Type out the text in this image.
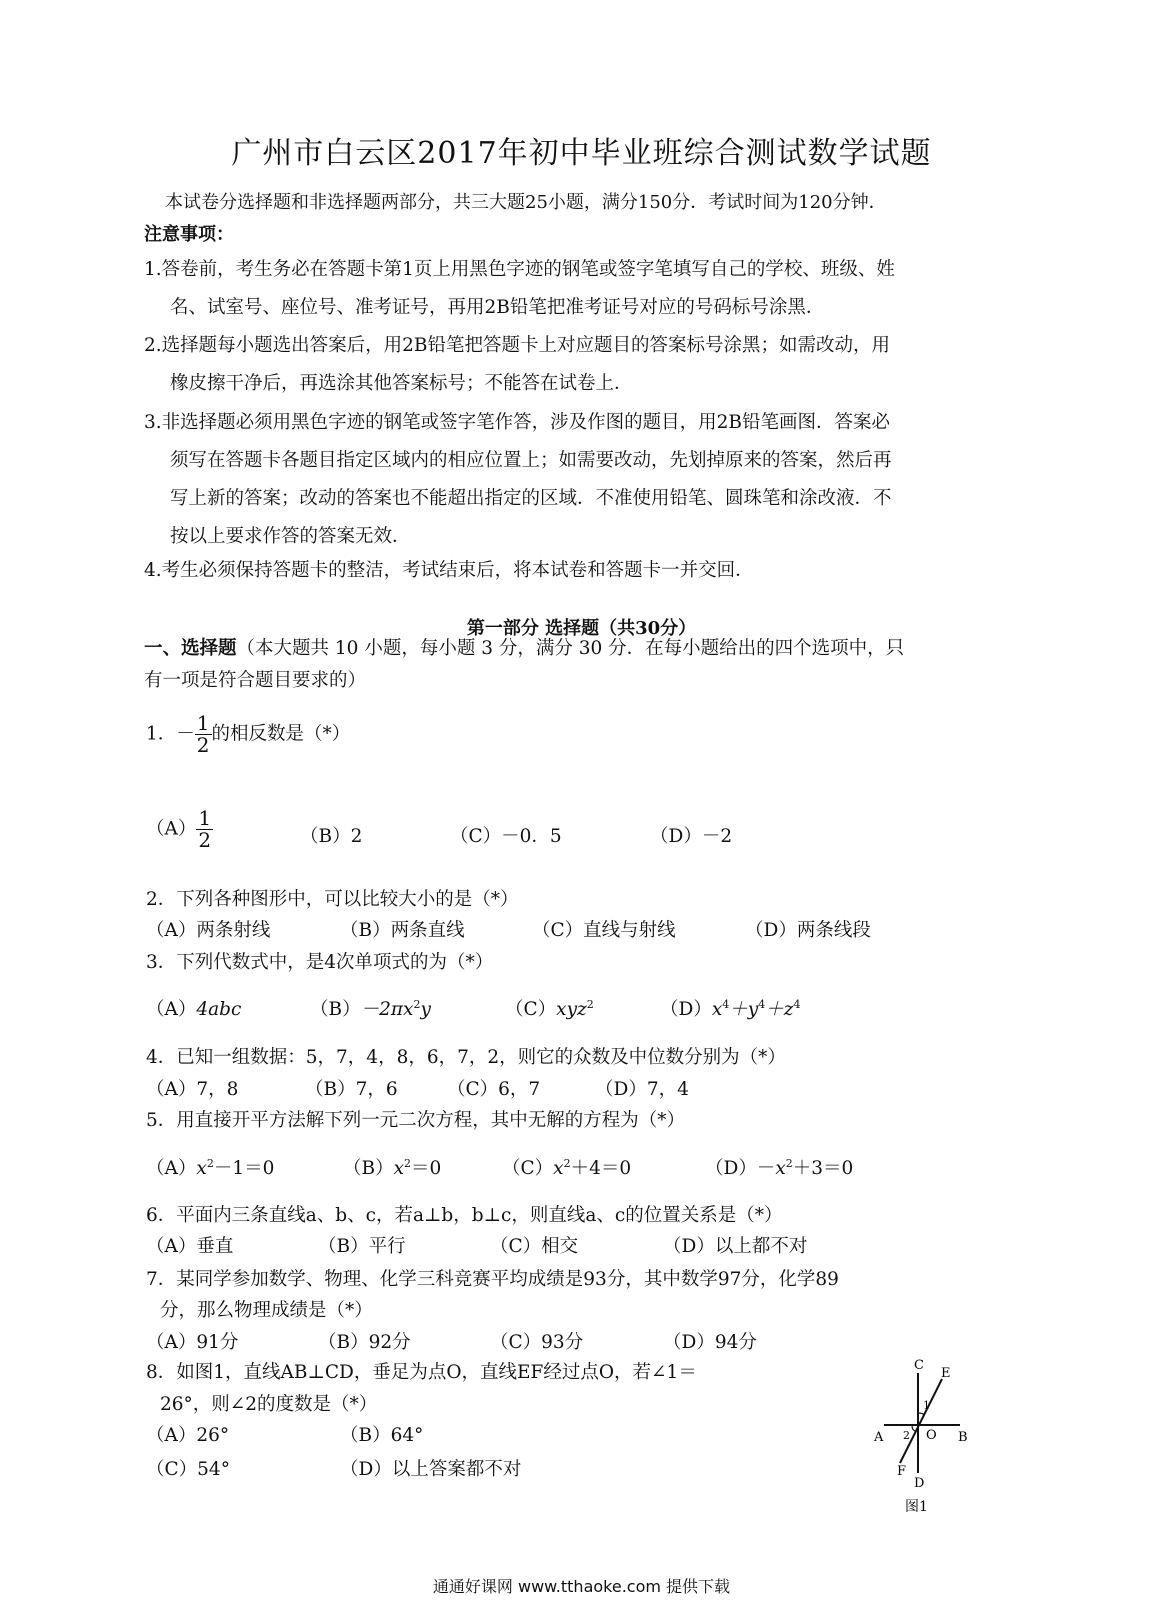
广州市白云区2017年初中毕业班综合测试数学试题
本试卷分选择题和非选择题两部分，共三大题25小题，满分150分．考试时间为120分钟．
注意事项：
1.答卷前，考生务必在答题卡第1页上用黑色字迹的钢笔或签字笔填写自己的学校、班级、姓
名、试室号、座位号、准考证号，再用2B铅笔把准考证号对应的号码标号涂黑．
2.选择题每小题选出答案后，用2B铅笔把答题卡上对应题目的答案标号涂黑；如需改动，用
橡皮擦干净后，再选涂其他答案标号；不能答在试卷上．
3.非选择题必须用黑色字迹的钢笔或签字笔作答，涉及作图的题目，用2B铅笔画图．答案必
须写在答题卡各题目指定区域内的相应位置上；如需要改动，先划掉原来的答案，然后再
写上新的答案；改动的答案也不能超出指定的区域．不准使用铅笔、圆珠笔和涂改液．不
按以上要求作答的答案无效．
4.考生必须保持答题卡的整洁，考试结束后，将本试卷和答题卡一并交回．
第一部分 选择题（共30分）
一、选择题（本大题共 10 小题，每小题 3 分，满分 30 分．在每小题给出的四个选项中，只
有一项是符合题目要求的）
1．－ $\frac{1}{2}$ 的相反数是（*）
$(A) \frac{1}{2}$	（B）2	（C）－0．5	（D）－2
2．下列各种图形中，可以比较大小的是（*）
（A）两条射线	（B）两条直线	（C）直线与射线	（D）两条线段
3．下列代数式中，是4次单项式的为（*）
（A）4abc	$(B)-2\pi x^2y$	（C）xyz$^2$	$(D)x^4+y^4+z^4$
4．已知一组数据：5，7，4，8，6，7，2，则它的众数及中位数分别为（*）
（A）7，8	（B）7，6	（C）6，7	（D）7，4
5．用直接开平方法解下列一元二次方程，其中无解的方程为（*）
$(A)x^2-1=0$	$(B)x^2=0$	$(C)x^2+4=0$	$(D)-x^2+3=0$
6．平面内三条直线a、b、c，若a⊥b，b⊥c，则直线a、c的位置关系是（*）
（A）垂直	（B）平行	（C）相交	（D）以上都不对
7．某同学参加数学、物理、化学三科竞赛平均成绩是93分，其中数学97分，化学89
分，那么物理成绩是（*）
（A）91分	（B）92分	（C）93分	（D）94分
8．如图1，直线AB⊥CD，垂足为点O，直线EF经过点O，若∠1＝
26°，则∠2的度数是（*）
（A）26°	（B）64°
（C）54°	（D）以上答案都不对
C
E
A	B
O
D
F
1
2
图1
通通好课网 www.tthaoke.com 提供下载
